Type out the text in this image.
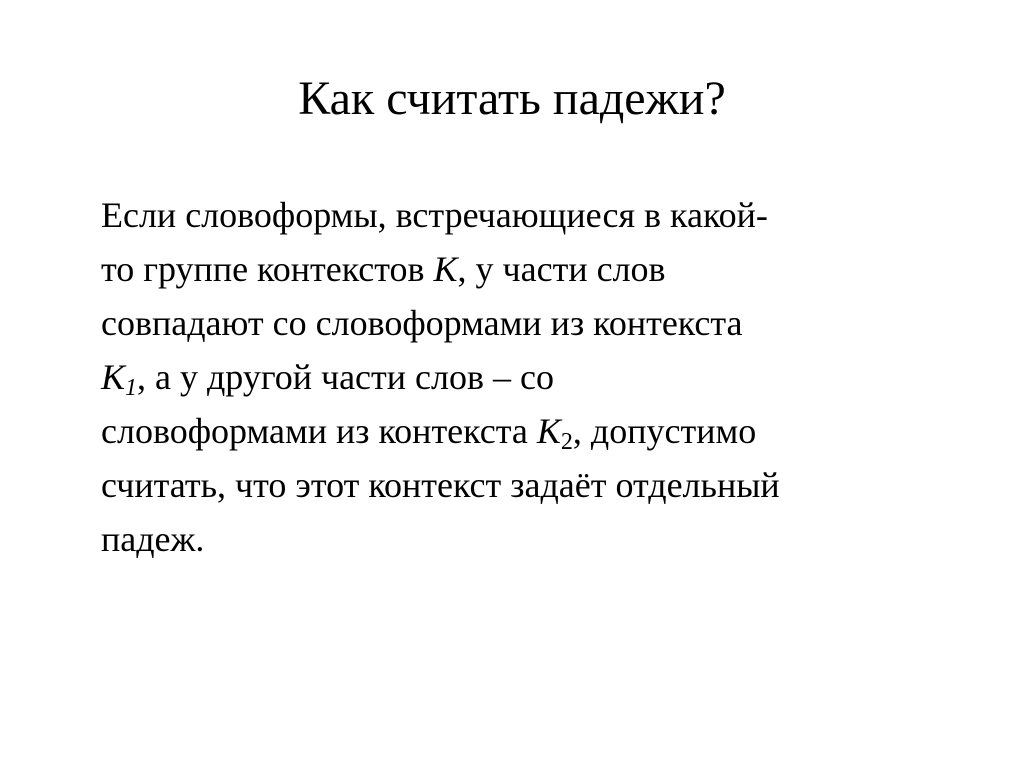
Как считать падежи?
Если словоформы, встречающиеся в какой-
то группе контекстов K, у части слов
совпадают со словоформами из контекста
$K_1$, а у другой части слов – со
словоформами из контекста $K_2$, допустимо
считать, что этот контекст задаёт отдельный
падеж.
